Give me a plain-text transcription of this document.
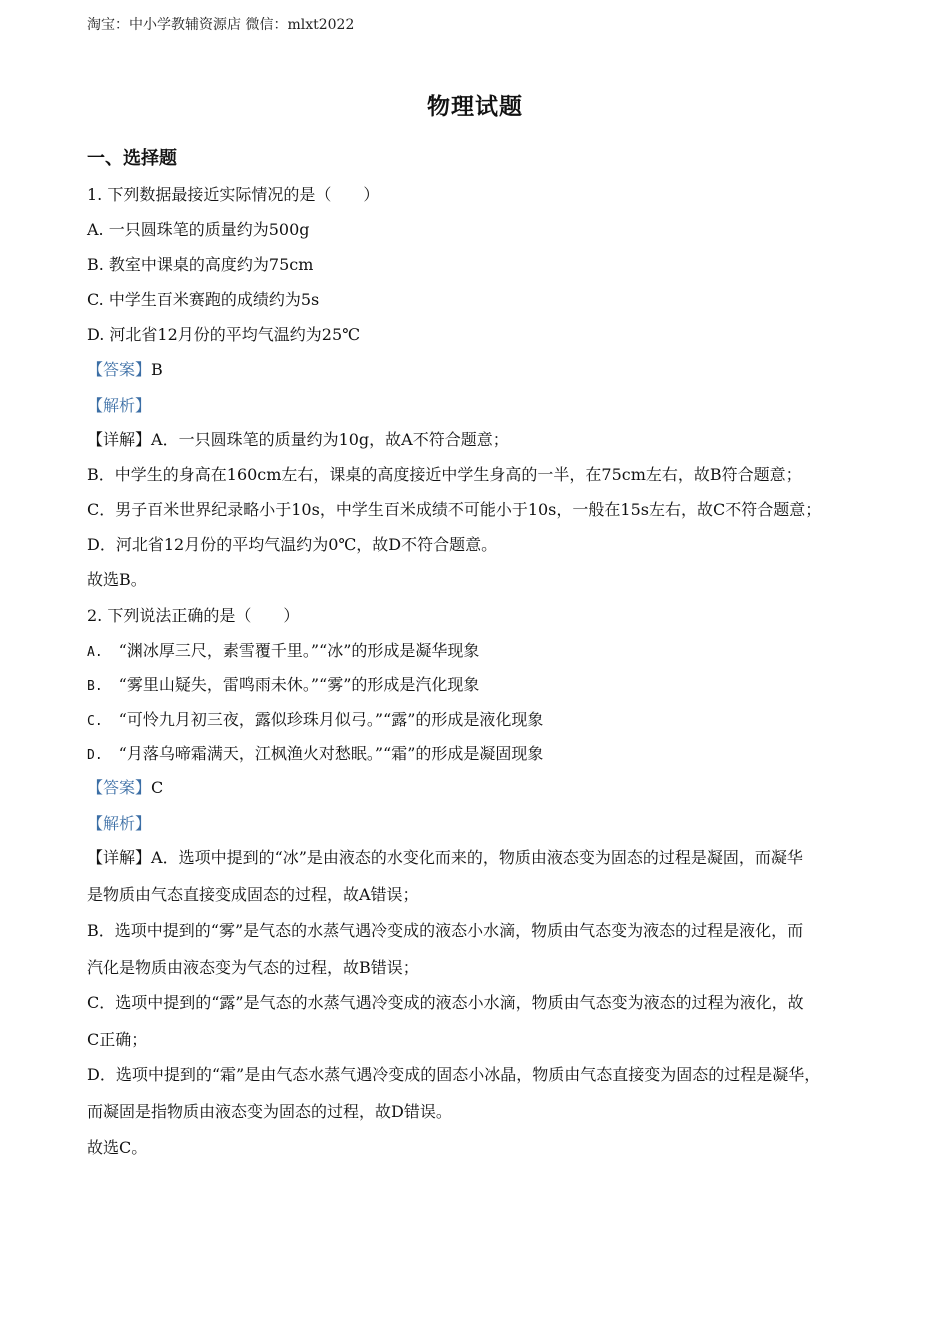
淘宝：中小学教辅资源店 微信：mlxt2022
物理试题
一、选择题
1. 下列数据最接近实际情况的是（　　）
A. 一只圆珠笔的质量约为500g
B. 教室中课桌的高度约为75cm
C. 中学生百米赛跑的成绩约为5s
D. 河北省12月份的平均气温约为25℃
【答案】B
【解析】
【详解】A．一只圆珠笔的质量约为10g，故A不符合题意；
B．中学生的身高在160cm左右，课桌的高度接近中学生身高的一半，在75cm左右，故B符合题意；
C．男子百米世界纪录略小于10s，中学生百米成绩不可能小于10s，一般在15s左右，故C不符合题意；
D．河北省12月份的平均气温约为0℃，故D不符合题意。
故选B。
2. 下列说法正确的是（　　）
A.  “渊冰厚三尺，素雪覆千里。”“冰”的形成是凝华现象
B.  “雾里山疑失，雷鸣雨未休。”“雾”的形成是汽化现象
C.  “可怜九月初三夜，露似珍珠月似弓。”“露”的形成是液化现象
D.  “月落乌啼霜满天，江枫渔火对愁眠。”“霜”的形成是凝固现象
【答案】C
【解析】
【详解】A．选项中提到的“冰”是由液态的水变化而来的，物质由液态变为固态的过程是凝固，而凝华
是物质由气态直接变成固态的过程，故A错误；
B．选项中提到的“雾”是气态的水蒸气遇冷变成的液态小水滴，物质由气态变为液态的过程是液化，而
汽化是物质由液态变为气态的过程，故B错误；
C．选项中提到的“露”是气态的水蒸气遇冷变成的液态小水滴，物质由气态变为液态的过程为液化，故
C正确；
D．选项中提到的“霜”是由气态水蒸气遇冷变成的固态小冰晶，物质由气态直接变为固态的过程是凝华，
而凝固是指物质由液态变为固态的过程，故D错误。
故选C。
